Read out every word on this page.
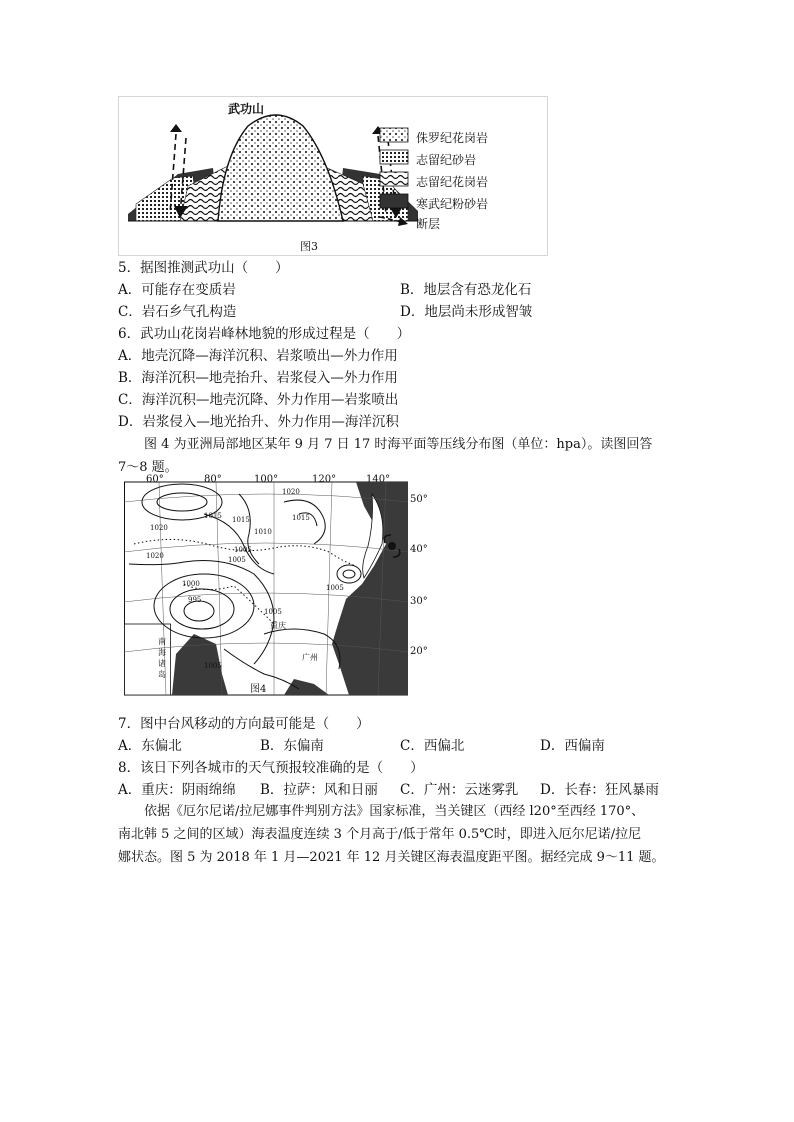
武功山
侏罗纪花岗岩
志留纪砂岩
志留纪花岗岩
寒武纪粉砂岩
断层
图3
5．据图推测武功山（　　）
A．可能存在变质岩	B．地层含有恐龙化石
C．岩石乡气孔构造	D．地层尚未形成智皱
6．武功山花岗岩峰林地貌的形成过程是（　　）
A．地壳沉降—海洋沉积、岩浆喷出—外力作用
B．海洋沉积—地壳抬升、岩浆侵入—外力作用
C．海洋沉积—地壳沉降、外力作用—岩浆喷出
D．岩浆侵入—地光抬升、外力作用—海洋沉积
图 4 为亚洲局部地区某年 9 月 7 日 17 时海平面等压线分布图（单位：hpa）。读图回答
7～8 题。
60°	80°	100°	120°	140°
50°
40°
30°
20°
1020
1015 1015
1010
1020
1015
1005
1000
995
1005
1005
1005
1020	1005
重庆
广州
南海诸岛
图4
7．图中台风移动的方向最可能是（　　）
A．东偏北	B．东偏南	C．西偏北	D．西偏南
8．该日下列各城市的天气预报较准确的是（　　）
A．重庆：阴雨绵绵 B．拉萨：风和日丽 C．广州：云迷雾乳 D．长春：狂风暴雨
依据《厄尔尼诺/拉尼娜事件判别方法》国家标准，当关键区（西经 l20°至西经 170°、
南北韩 5 之间的区域）海表温度连续 3 个月高于/低于常年 0.5℃时，即进入厄尔尼诺/拉尼
娜状态。图 5 为 2018 年 1 月—2021 年 12 月关键区海表温度距平图。据经完成 9～11 题。
